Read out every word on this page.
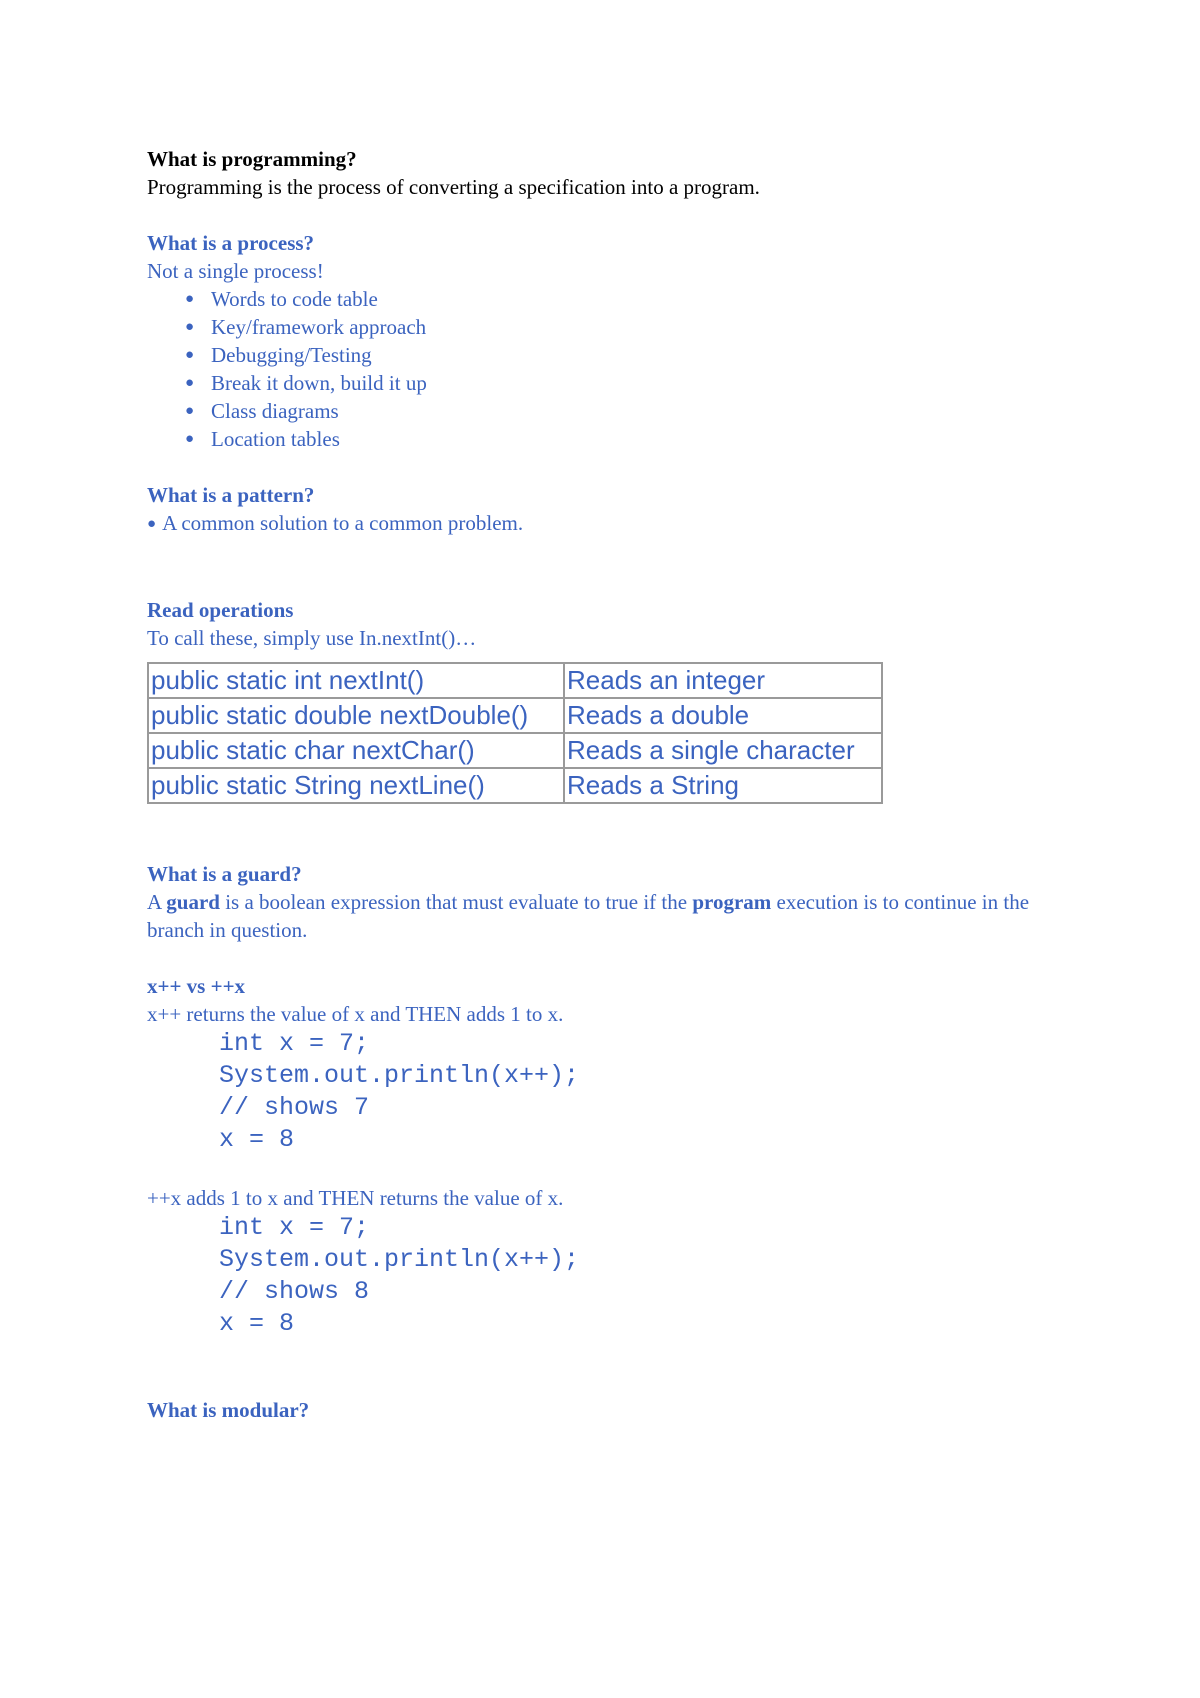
What is programming?

Programming is the process of converting a specification into a program.

What is a process?

Not a single process!

● Words to code table
● Key/framework approach
● Debugging/Testing
● Break it down, build it up
● Class diagrams
● Location tables

What is a pattern?

● A common solution to a common problem.

Read operations

To call these, simply use In.nextInt()…

public static int nextInt()	Reads an integer
public static double nextDouble()	Reads a double
public static char nextChar()	Reads a single character
public static String nextLine()	Reads a String

What is a guard?

A guard is a boolean expression that must evaluate to true if the program execution is to continue in the branch in question.

x++ vs ++x

x++ returns the value of x and THEN adds 1 to x.

int x = 7;

System.out.println(x++);

// shows 7

x = 8

++x adds 1 to x and THEN returns the value of x.

int x = 7;

System.out.println(x++);

// shows 8

x = 8

What is modular?
